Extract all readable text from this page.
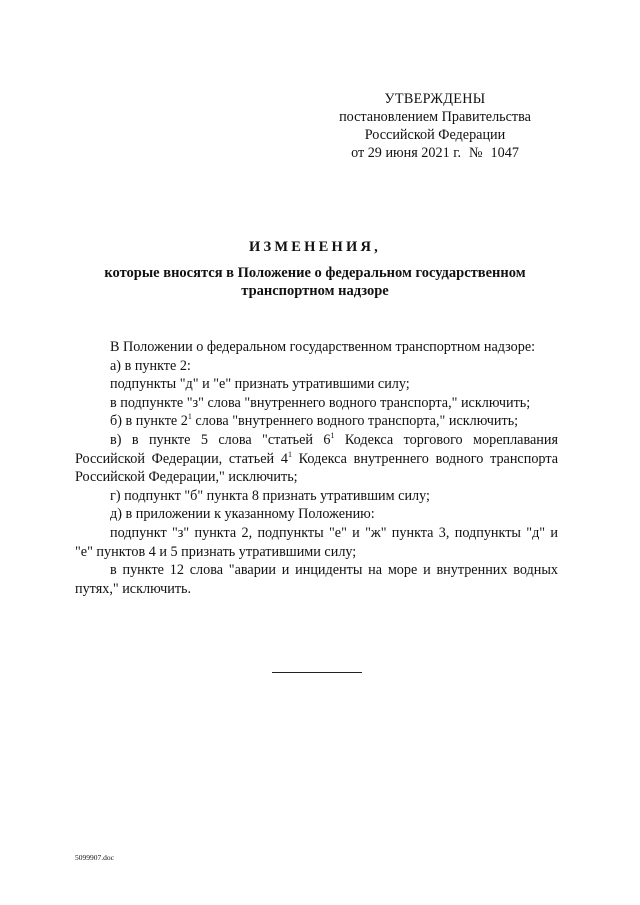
УТВЕРЖДЕНЫ
постановлением Правительства
Российской Федерации
от 29 июня 2021 г. № 1047
ИЗМЕНЕНИЯ,
которые вносятся в Положение о федеральном государственном транспортном надзоре

В Положении о федеральном государственном транспортном надзоре:

а) в пункте 2:

подпункты "д" и "е" признать утратившими силу;

в подпункте "з" слова "внутреннего водного транспорта," исключить;

б) в пункте $2^1$ слова "внутреннего водного транспорта," исключить;

в) в пункте 5 слова "статьей $6^1$ Кодекса торгового мореплавания Российской Федерации, статьей $4^1$ Кодекса внутреннего водного транспорта Российской Федерации," исключить;

г) подпункт "б" пункта 8 признать утратившим силу;

д) в приложении к указанному Положению:

подпункт "з" пункта 2, подпункты "е" и "ж" пункта 3, подпункты "д" и "е" пунктов 4 и 5 признать утратившими силу;

в пункте 12 слова "аварии и инциденты на море и внутренних водных путях," исключить.

5099907.doc
